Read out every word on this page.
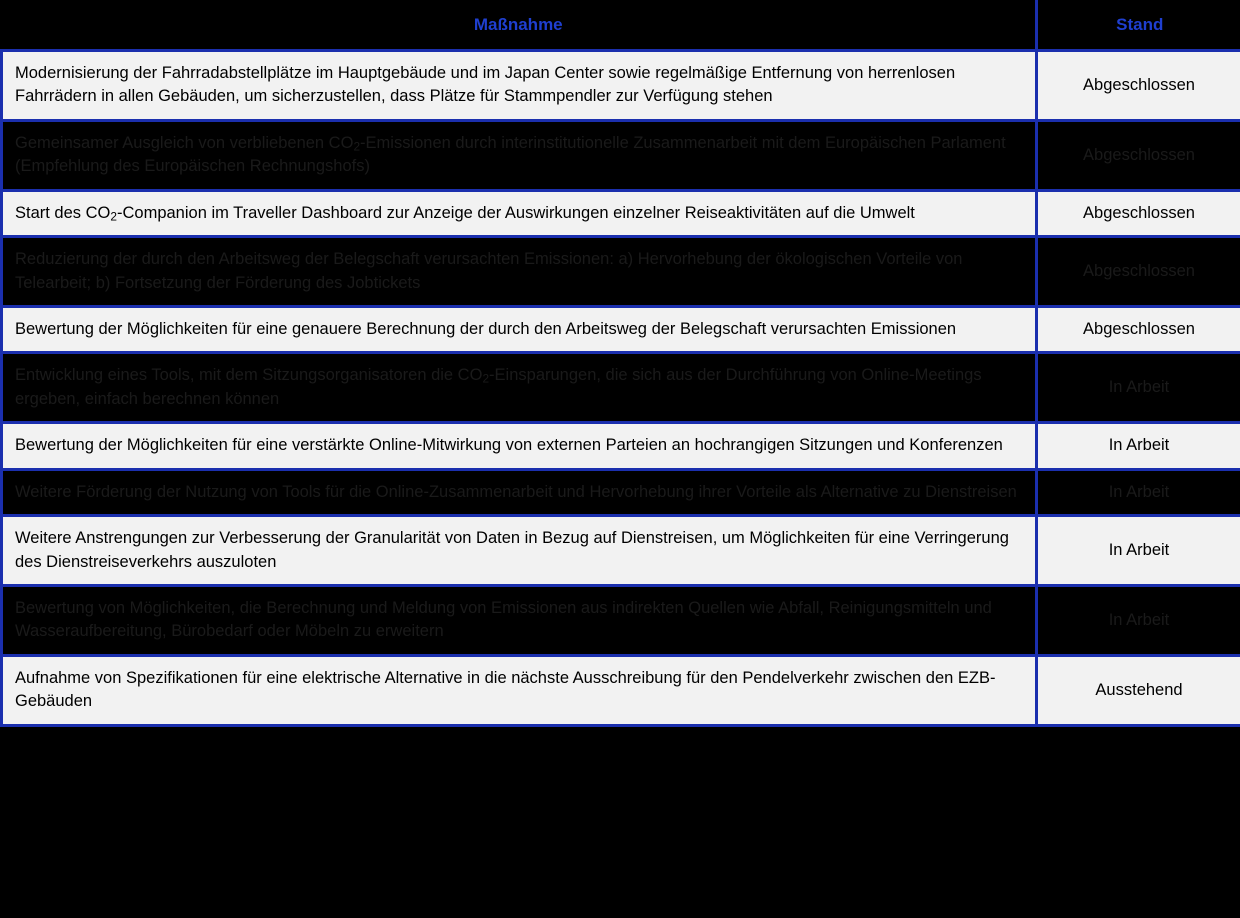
Maßnahme	Stand
Modernisierung der Fahrradabstellplätze im Hauptgebäude und im Japan Center sowie regelmäßige Entfernung von herrenlosen Fahrrädern in allen Gebäuden, um sicherzustellen, dass Plätze für Stammpendler zur Verfügung stehen	Abgeschlossen
Gemeinsamer Ausgleich von verbliebenen $CO_2$-Emissionen durch interinstitutionelle Zusammenarbeit mit dem Europäischen Parlament (Empfehlung des Europäischen Rechnungshofs)	Abgeschlossen
Start des $CO_2$-Companion im Traveller Dashboard zur Anzeige der Auswirkungen einzelner Reiseaktivitäten auf die Umwelt	Abgeschlossen
Reduzierung der durch den Arbeitsweg der Belegschaft verursachten Emissionen: a) Hervorhebung der ökologischen Vorteile von Telearbeit; b) Fortsetzung der Förderung des Jobtickets	Abgeschlossen
Bewertung der Möglichkeiten für eine genauere Berechnung der durch den Arbeitsweg der Belegschaft verursachten Emissionen	Abgeschlossen
Entwicklung eines Tools, mit dem Sitzungsorganisatoren die $CO_2$-Einsparungen, die sich aus der Durchführung von Online-Meetings ergeben, einfach berechnen können	In Arbeit
Bewertung der Möglichkeiten für eine verstärkte Online-Mitwirkung von externen Parteien an hochrangigen Sitzungen und Konferenzen	In Arbeit
Weitere Förderung der Nutzung von Tools für die Online-Zusammenarbeit und Hervorhebung ihrer Vorteile als Alternative zu Dienstreisen	In Arbeit
Weitere Anstrengungen zur Verbesserung der Granularität von Daten in Bezug auf Dienstreisen, um Möglichkeiten für eine Verringerung des Dienstreiseverkehrs auszuloten	In Arbeit
Bewertung von Möglichkeiten, die Berechnung und Meldung von Emissionen aus indirekten Quellen wie Abfall, Reinigungsmitteln und Wasseraufbereitung, Bürobedarf oder Möbeln zu erweitern	In Arbeit
Aufnahme von Spezifikationen für eine elektrische Alternative in die nächste Ausschreibung für den Pendelverkehr zwischen den EZB-Gebäuden	Ausstehend
